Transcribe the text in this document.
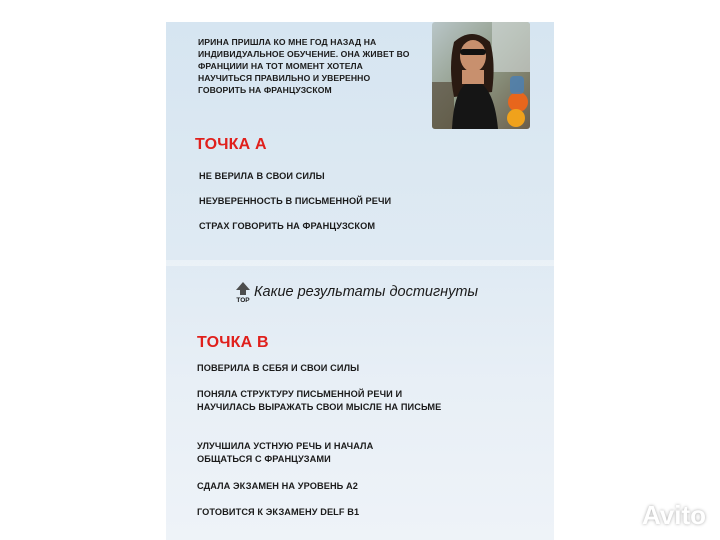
ИРИНА ПРИШЛА КО МНЕ ГОД НАЗАД НА ИНДИВИДУАЛЬНОЕ ОБУЧЕНИЕ. ОНА ЖИВЕТ ВО ФРАНЦИИИ НА ТОТ МОМЕНТ ХОТЕЛА НАУЧИТЬСЯ ПРАВИЛЬНО И УВЕРЕННО ГОВОРИТЬ НА ФРАНЦУЗСКОМ
ТОЧКА А
НЕ ВЕРИЛА В СВОИ СИЛЫ
НЕУВЕРЕННОСТЬ В ПИСЬМЕННОЙ РЕЧИ
СТРАХ ГОВОРИТЬ НА ФРАНЦУЗСКОМ
TOP
Какие результаты достигнуты
ТОЧКА В
ПОВЕРИЛА В СЕБЯ И СВОИ СИЛЫ
ПОНЯЛА СТРУКТУРУ ПИСЬМЕННОЙ РЕЧИ И НАУЧИЛАСЬ ВЫРАЖАТЬ СВОИ МЫСЛЕ НА ПИСЬМЕ
УЛУЧШИЛА УСТНУЮ РЕЧЬ И НАЧАЛА ОБЩАТЬСЯ С ФРАНЦУЗАМИ
СДАЛА ЭКЗАМЕН НА УРОВЕНЬ А2
ГОТОВИТСЯ К ЭКЗАМЕНУ DELF B1	Avito
